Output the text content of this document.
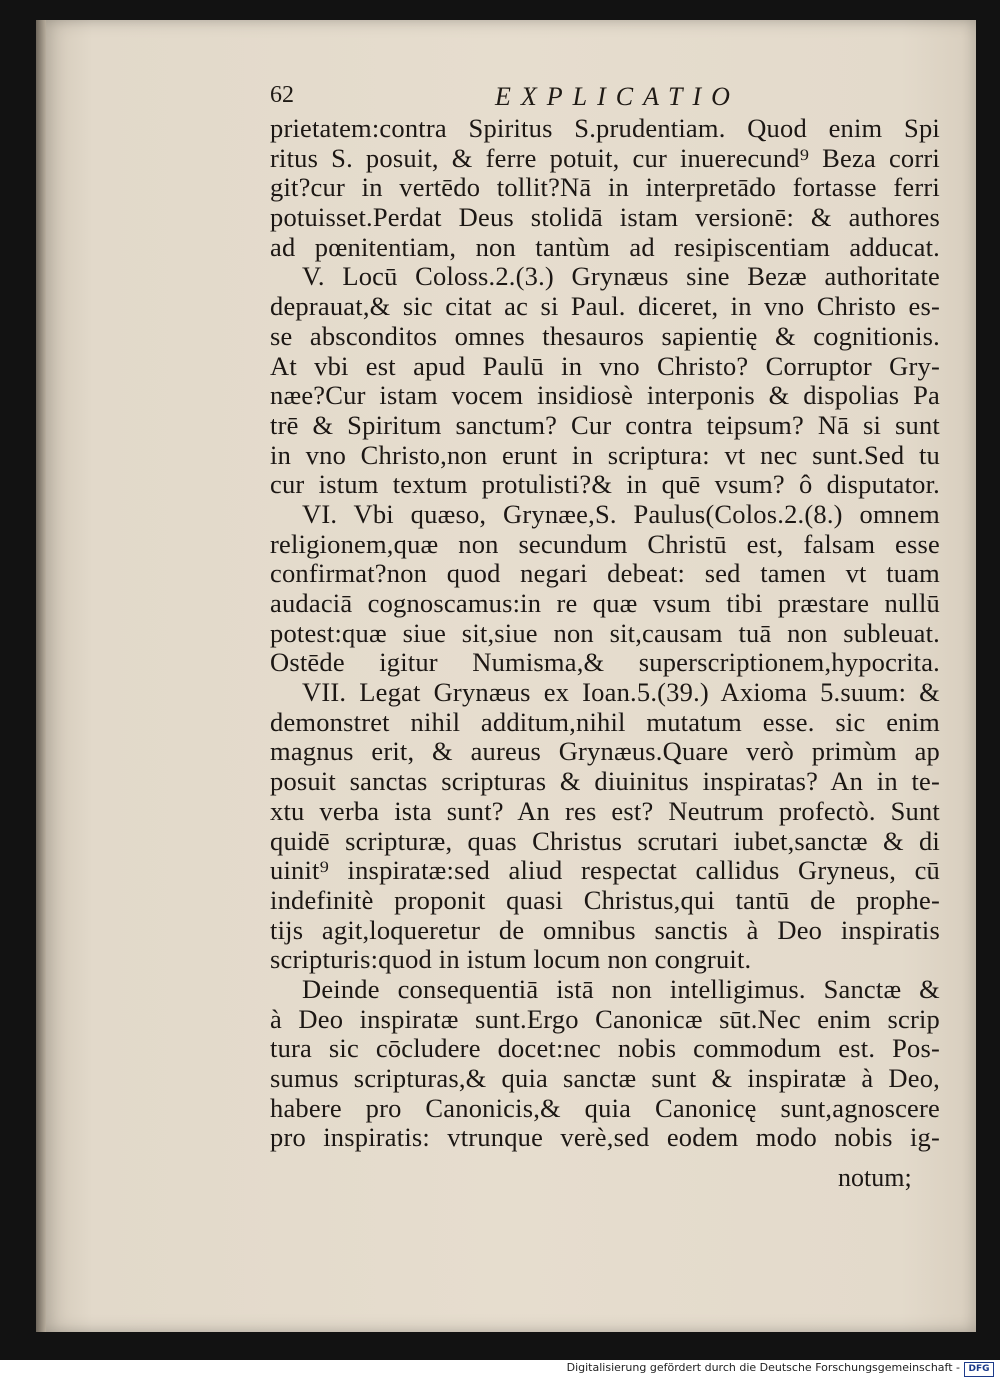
62	EXPLICATIO
prietatem:contra Spiritus S.prudentiam. Quod enim Spi
ritus S. posuit, & ferre potuit, cur inuerecund⁹ Beza corri
git?cur in vertēdo tollit?Nā in interpretādo fortasse ferri
potuisset.Perdat Deus stolidā istam versionē: & authores
ad pœnitentiam, non tantùm ad resipiscentiam adducat.
V. Locū Coloss.2.(3.) Grynæus sine Bezæ authoritate
deprauat,& sic citat ac si Paul. diceret, in vno Christo es-
se absconditos omnes thesauros sapientię & cognitionis.
At vbi est apud Paulū in vno Christo? Corruptor Gry-
næe?Cur istam vocem insidiosè interponis & dispolias Pa
trē & Spiritum sanctum? Cur contra teipsum? Nā si sunt
in vno Christo,non erunt in scriptura: vt nec sunt.Sed tu
cur istum textum protulisti?& in quē vsum? ô disputator.
VI. Vbi quæso, Grynæe,S. Paulus(Colos.2.(8.) omnem
religionem,quæ non secundum Christū est, falsam esse
confirmat?non quod negari debeat: sed tamen vt tuam
audaciā cognoscamus:in re quæ vsum tibi præstare nullū
potest:quæ siue sit,siue non sit,causam tuā non subleuat.
Ostēde igitur Numisma,& superscriptionem,hypocrita.
VII. Legat Grynæus ex Ioan.5.(39.) Axioma 5.suum: &
demonstret nihil additum,nihil mutatum esse. sic enim
magnus erit, & aureus Grynæus.Quare verò primùm ap
posuit sanctas scripturas & diuinitus inspiratas? An in te-
xtu verba ista sunt? An res est? Neutrum profectò. Sunt
quidē scripturæ, quas Christus scrutari iubet,sanctæ & di
uinit⁹ inspiratæ:sed aliud respectat callidus Gryneus, cū
indefinitè proponit quasi Christus,qui tantū de prophe-
tijs agit,loqueretur de omnibus sanctis à Deo inspiratis
scripturis:quod in istum locum non congruit.
Deinde consequentiā istā non intelligimus. Sanctæ &
à Deo inspiratæ sunt.Ergo Canonicæ sūt.Nec enim scrip
tura sic cōcludere docet:nec nobis commodum est. Pos-
sumus scripturas,& quia sanctæ sunt & inspiratæ à Deo,
habere pro Canonicis,& quia Canonicę sunt,agnoscere
pro inspiratis: vtrunque verè,sed eodem modo nobis ig-
notum;
Digitalisierung gefördert durch die Deutsche Forschungsgemeinschaft - DFG
